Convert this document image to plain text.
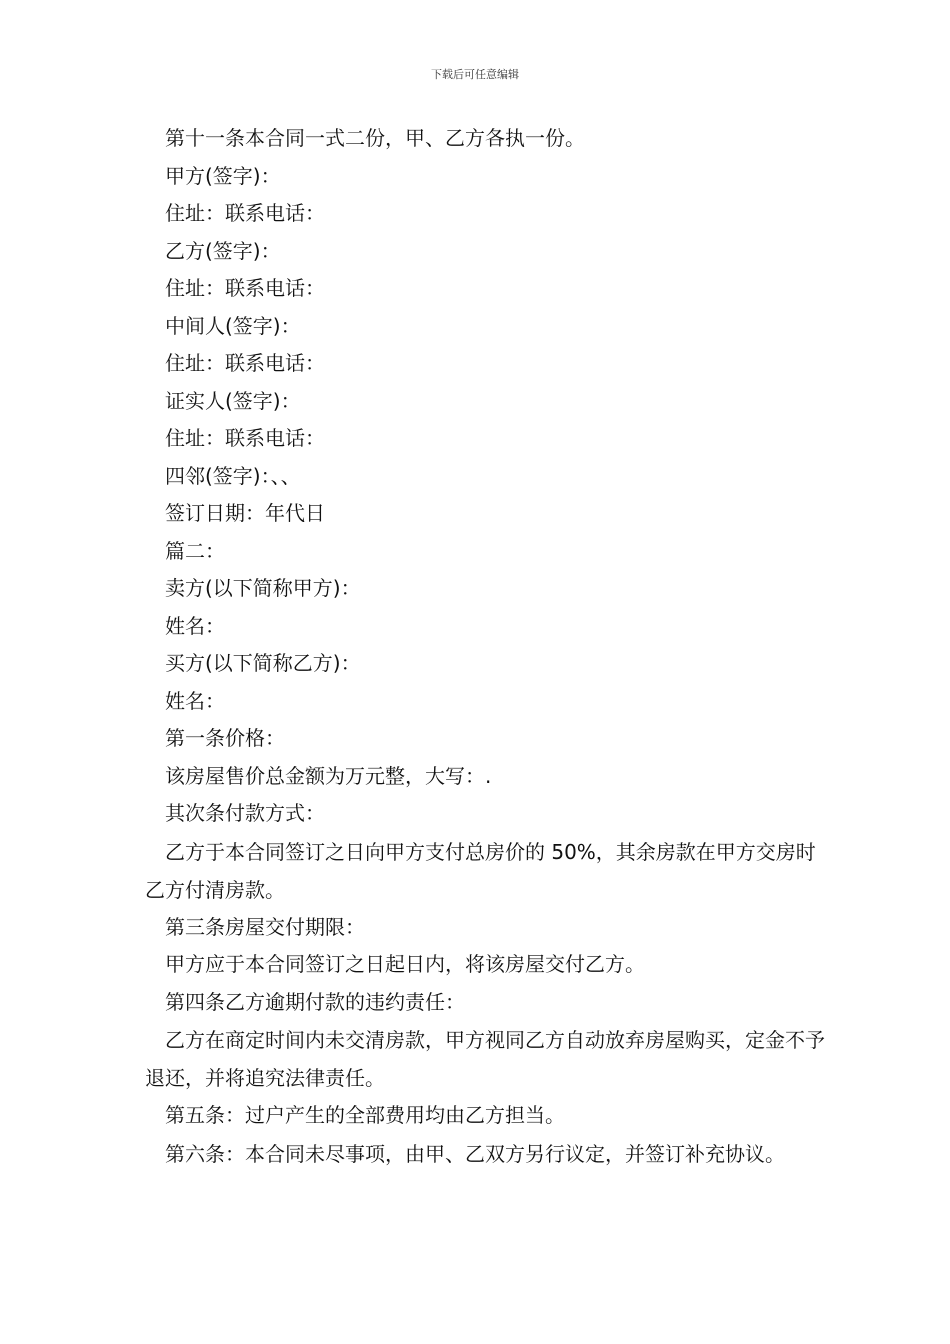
下载后可任意编辑

第十一条本合同一式二份，甲、乙方各执一份。

甲方(签字)：

住址：联系电话：

乙方(签字)：

住址：联系电话：

中间人(签字)：

住址：联系电话：

证实人(签字)：

住址：联系电话：

四邻(签字)：、、

签订日期：年代日

篇二：

卖方(以下简称甲方)：

姓名：

买方(以下简称乙方)：

姓名：

第一条价格：

该房屋售价总金额为万元整，大写：.

其次条付款方式：

乙方于本合同签订之日向甲方支付总房价的 50%，其余房款在甲方交房时乙方付清房款。

第三条房屋交付期限：

甲方应于本合同签订之日起日内，将该房屋交付乙方。

第四条乙方逾期付款的违约责任：

乙方在商定时间内未交清房款，甲方视同乙方自动放弃房屋购买，定金不予退还，并将追究法律责任。

第五条：过户产生的全部费用均由乙方担当。

第六条：本合同未尽事项，由甲、乙双方另行议定，并签订补充协议。
